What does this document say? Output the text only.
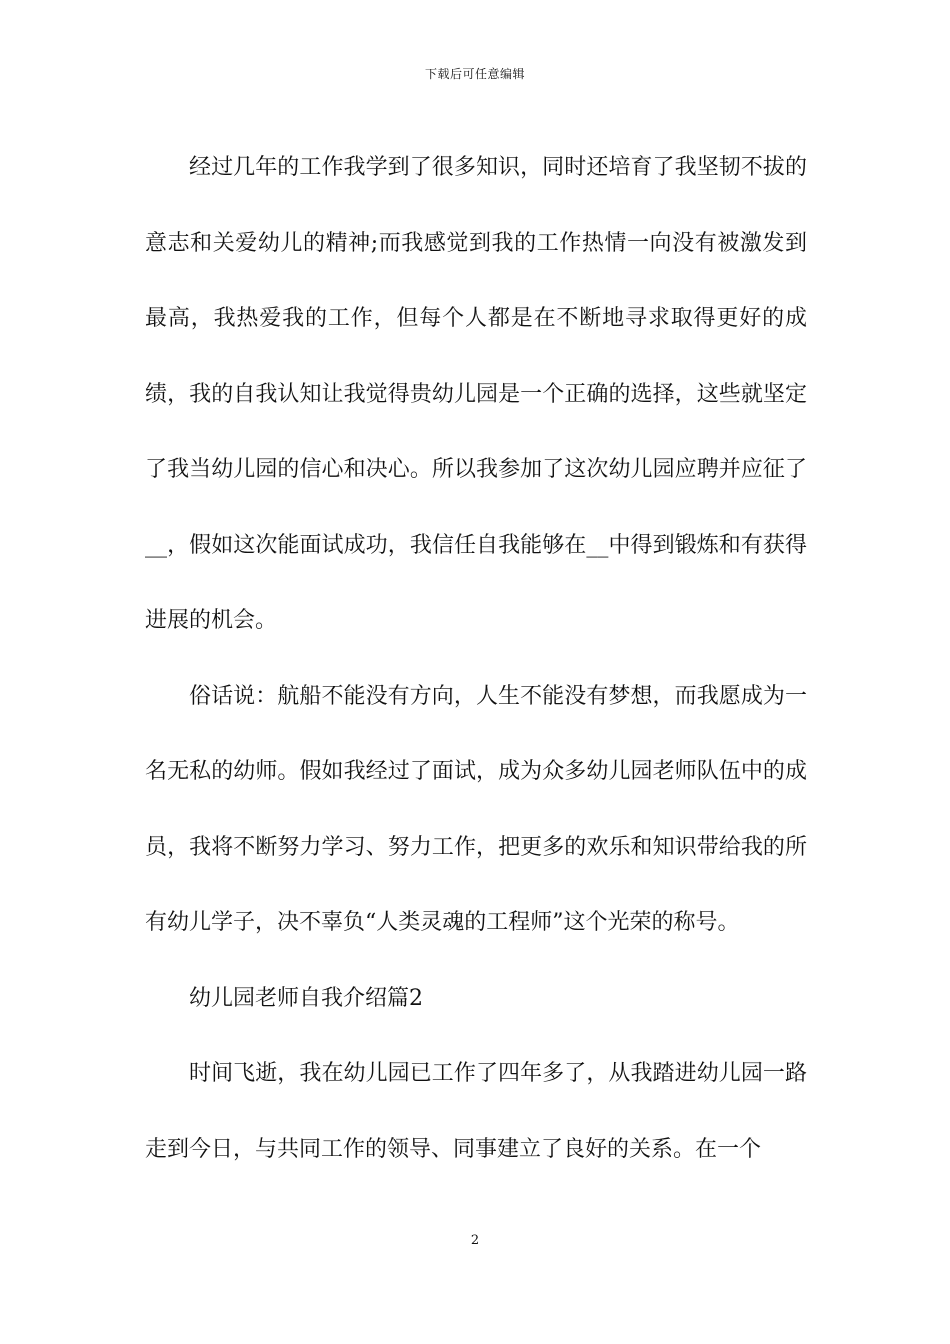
下载后可任意编辑

经过几年的工作我学到了很多知识，同时还培育了我坚韧不拔的意志和关爱幼儿的精神;而我感觉到我的工作热情一向没有被激发到最高，我热爱我的工作，但每个人都是在不断地寻求取得更好的成绩，我的自我认知让我觉得贵幼儿园是一个正确的选择，这些就坚定了我当幼儿园的信心和决心。所以我参加了这次幼儿园应聘并应征了__，假如这次能面试成功，我信任自我能够在__中得到锻炼和有获得进展的机会。

俗话说：航船不能没有方向，人生不能没有梦想，而我愿成为一名无私的幼师。假如我经过了面试，成为众多幼儿园老师队伍中的成员，我将不断努力学习、努力工作，把更多的欢乐和知识带给我的所有幼儿学子，决不辜负“人类灵魂的工程师”这个光荣的称号。

幼儿园老师自我介绍篇2

时间飞逝，我在幼儿园已工作了四年多了，从我踏进幼儿园一路走到今日，与共同工作的领导、同事建立了良好的关系。在一个

2
